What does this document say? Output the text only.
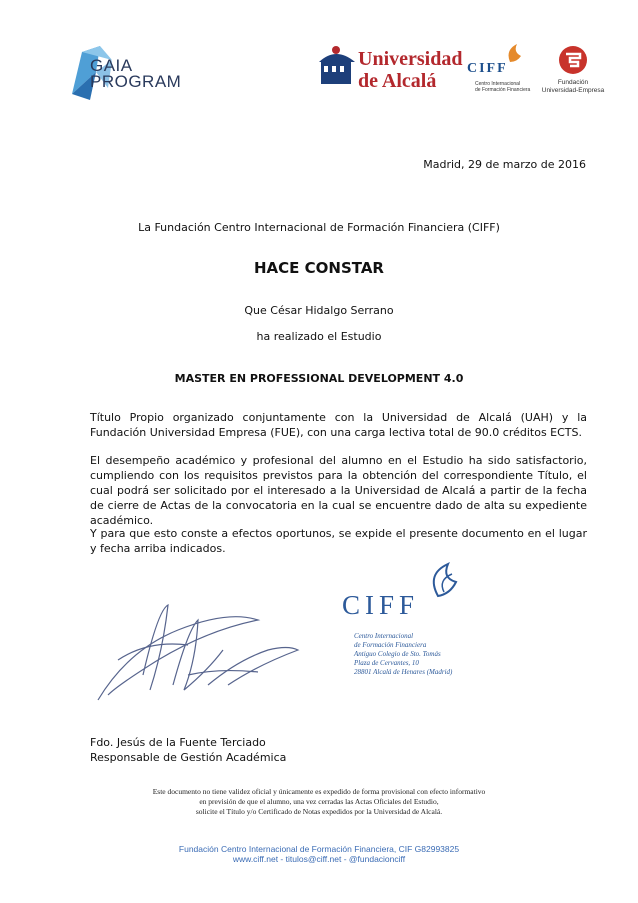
GAIA
PROGRAM
Universidad
de Alcalá
CIFF
Centro Internacional
de Formación Financiera
Fundación
Universidad-Empresa
Madrid, 29 de marzo de 2016
La Fundación Centro Internacional de Formación Financiera (CIFF)
HACE CONSTAR
Que César Hidalgo Serrano
ha realizado el Estudio
MASTER EN PROFESSIONAL DEVELOPMENT 4.0
Título Propio organizado conjuntamente con la Universidad de Alcalá (UAH) y la Fundación Universidad Empresa (FUE), con una carga lectiva total de 90.0 créditos ECTS.
El desempeño académico y profesional del alumno en el Estudio ha sido satisfactorio, cumpliendo con los requisitos previstos para la obtención del correspondiente Título, el cual podrá ser solicitado por el interesado a la Universidad de Alcalá a partir de la fecha de cierre de Actas de la convocatoria en la cual se encuentre dado de alta su expediente académico.
Y para que esto conste a efectos oportunos, se expide el presente documento en el lugar y fecha arriba indicados.
CIFF
Centro Internacional
de Formación Financiera
Antiguo Colegio de Sto. Tomás
Plaza de Cervantes, 10
28801 Alcalá de Henares (Madrid)
Fdo. Jesús de la Fuente Terciado
Responsable de Gestión Académica
Este documento no tiene validez oficial y únicamente es expedido de forma provisional con efecto informativo
en previsión de que el alumno, una vez cerradas las Actas Oficiales del Estudio,
solicite el Título y/o Certificado de Notas expedidos por la Universidad de Alcalá.
Fundación Centro Internacional de Formación Financiera, CIF G82993825
www.ciff.net - titulos@ciff.net - @fundacionciff
